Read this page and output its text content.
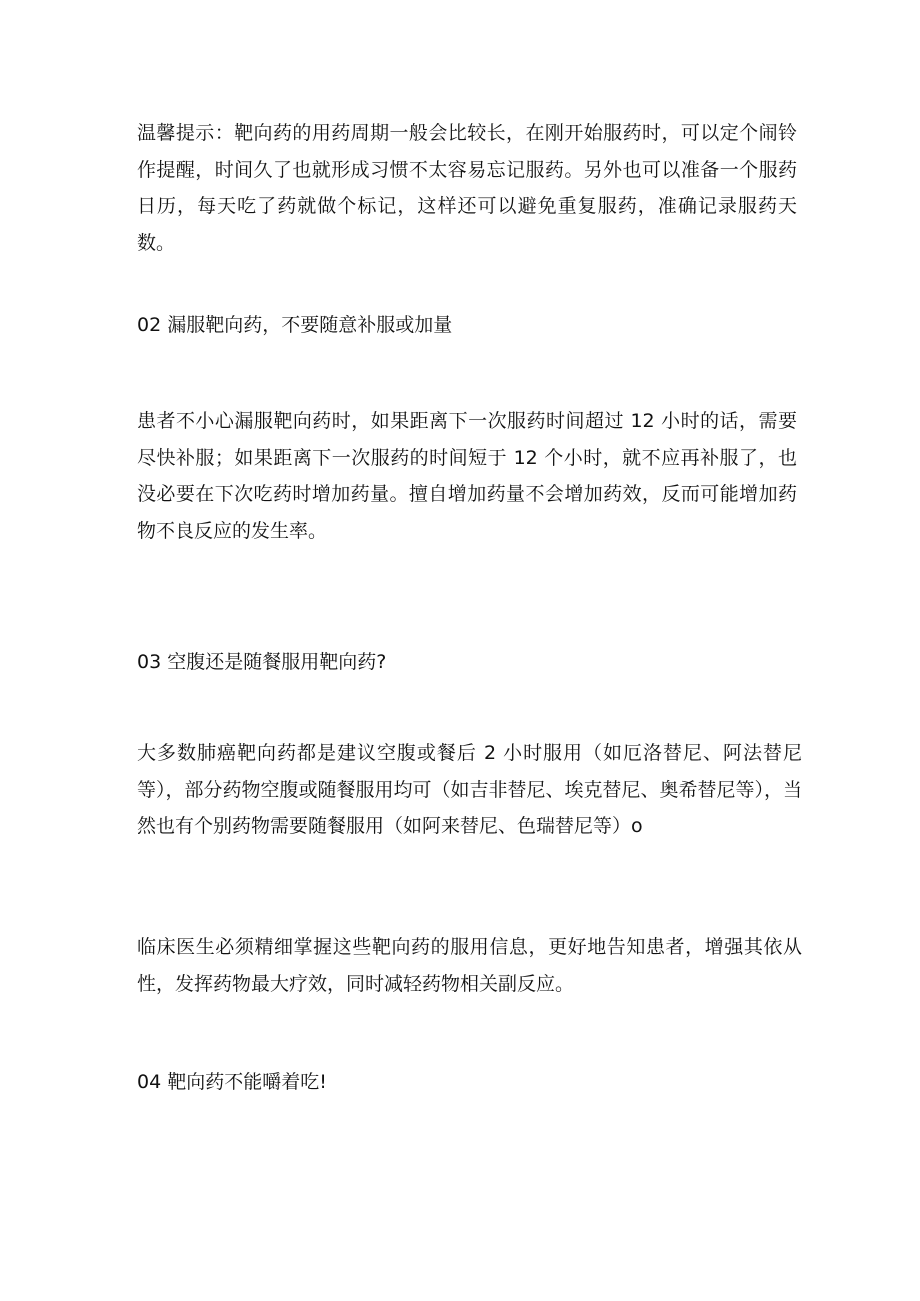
温馨提示：靶向药的用药周期一般会比较长，在刚开始服药时，可以定个闹铃作提醒，时间久了也就形成习惯不太容易忘记服药。另外也可以准备一个服药日历，每天吃了药就做个标记，这样还可以避免重复服药，准确记录服药天数。

02 漏服靶向药，不要随意补服或加量

患者不小心漏服靶向药时，如果距离下一次服药时间超过 12 小时的话，需要尽快补服；如果距离下一次服药的时间短于 12 个小时，就不应再补服了，也没必要在下次吃药时增加药量。擅自增加药量不会增加药效，反而可能增加药物不良反应的发生率。

03 空腹还是随餐服用靶向药?

大多数肺癌靶向药都是建议空腹或餐后 2 小时服用（如厄洛替尼、阿法替尼等），部分药物空腹或随餐服用均可（如吉非替尼、埃克替尼、奥希替尼等），当然也有个别药物需要随餐服用（如阿来替尼、色瑞替尼等）o

临床医生必须精细掌握这些靶向药的服用信息，更好地告知患者，增强其依从性，发挥药物最大疗效，同时减轻药物相关副反应。

04 靶向药不能嚼着吃!
